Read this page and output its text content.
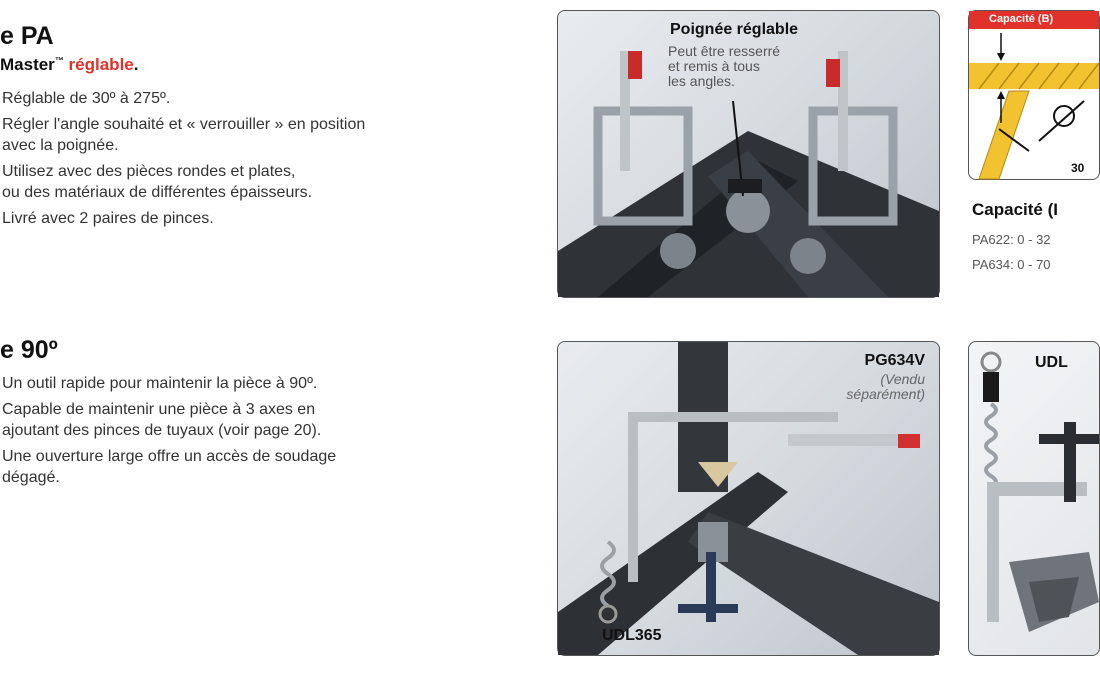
e PA
Master™ réglable.
Réglable de 30º à 275º.
Régler l'angle souhaité et « verrouiller » en position
avec la poignée.
Utilisez avec des pièces rondes et plates,
ou des matériaux de différentes épaisseurs.
Livré avec 2 paires de pinces.
e 90º
Un outil rapide pour maintenir la pièce à 90º.
Capable de maintenir une pièce à 3 axes en
ajoutant des pinces de tuyaux (voir page 20).
Une ouverture large offre un accès de soudage
dégagé.
Poignée réglable
Peut être resserré
et remis à tous
les angles.
Capacité (B)
30
Capacité (I
PA622: 0 - 32
PA634: 0 - 70
PG634V
(Vendu
séparément)
UDL365
UDL
